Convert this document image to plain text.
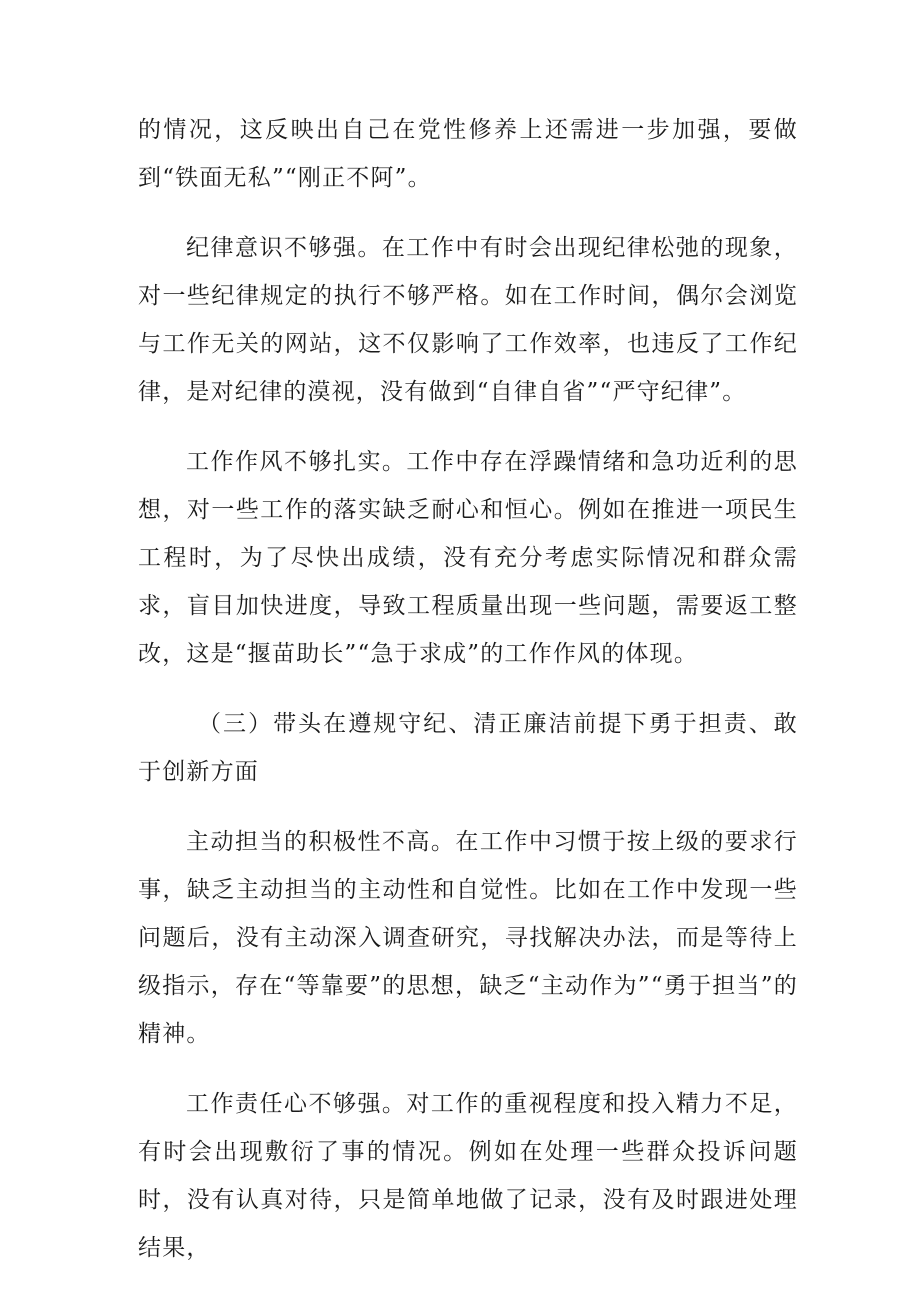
的情况，这反映出自己在党性修养上还需进一步加强，要做到“铁面无私”“刚正不阿”。

纪律意识不够强。在工作中有时会出现纪律松弛的现象，对一些纪律规定的执行不够严格。如在工作时间，偶尔会浏览与工作无关的网站，这不仅影响了工作效率，也违反了工作纪律，是对纪律的漠视，没有做到“自律自省”“严守纪律”。

工作作风不够扎实。工作中存在浮躁情绪和急功近利的思想，对一些工作的落实缺乏耐心和恒心。例如在推进一项民生工程时，为了尽快出成绩，没有充分考虑实际情况和群众需求，盲目加快进度，导致工程质量出现一些问题，需要返工整改，这是“揠苗助长”“急于求成”的工作作风的体现。

（三）带头在遵规守纪、清正廉洁前提下勇于担责、敢于创新方面

主动担当的积极性不高。在工作中习惯于按上级的要求行事，缺乏主动担当的主动性和自觉性。比如在工作中发现一些问题后，没有主动深入调查研究，寻找解决办法，而是等待上级指示，存在“等靠要”的思想，缺乏“主动作为”“勇于担当”的精神。

工作责任心不够强。对工作的重视程度和投入精力不足，有时会出现敷衍了事的情况。例如在处理一些群众投诉问题时，没有认真对待，只是简单地做了记录，没有及时跟进处理结果，
